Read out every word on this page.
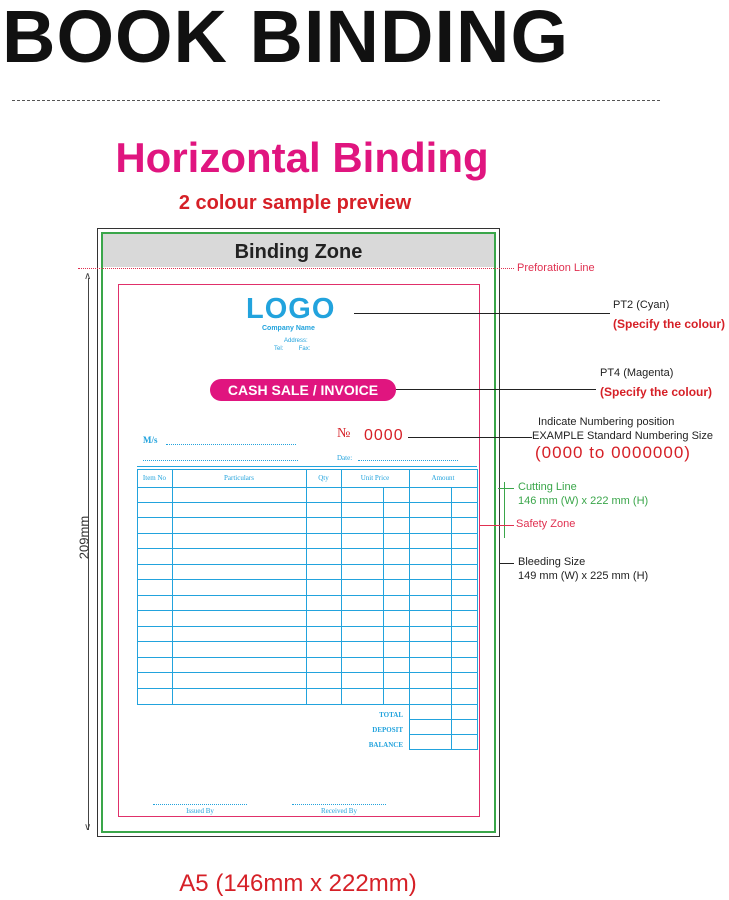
BOOK BINDING
Horizontal Binding
2 colour sample preview
∧
∨
209mm
Binding Zone
LOGO
Company Name
Address:
Tel:	Fax:
CASH SALE / INVOICE
M/s	№ 0000
Date:
Item No	Particulars	Qty	Unit Price	Amount
TOTAL
DEPOSIT
BALANCE
Issued By	Received By
Preforation Line
PT2 (Cyan)
(Specify the colour)
PT4 (Magenta)
(Specify the colour)
Indicate Numbering position
EXAMPLE Standard Numbering Size
(0000 to 0000000)
Cutting Line
146 mm (W) x 222 mm (H)
Safety Zone
Bleeding Size
149 mm (W) x 225 mm (H)
A5 (146mm x 222mm)
